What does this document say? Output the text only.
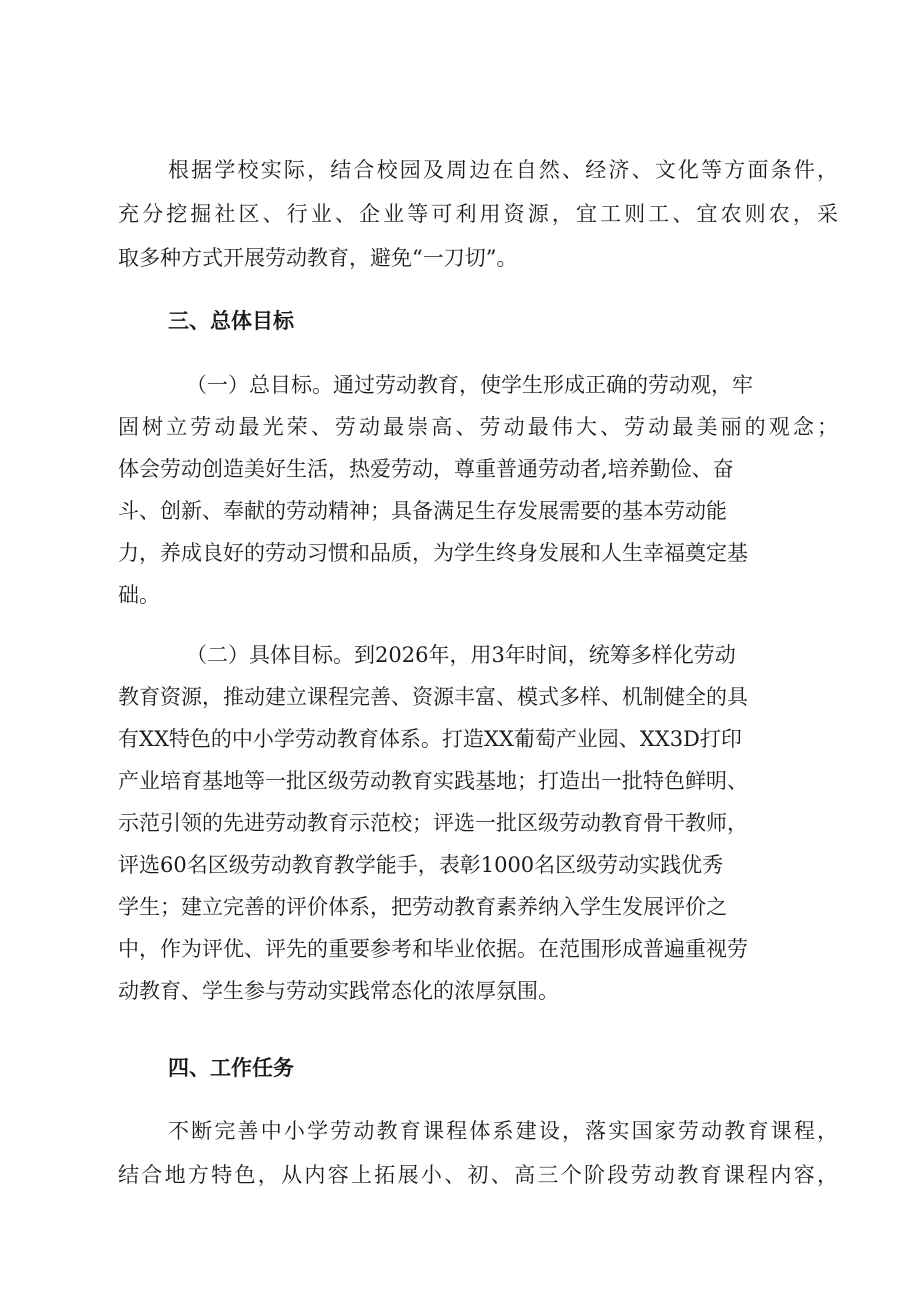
根据学校实际，结合校园及周边在自然、经济、文化等方面条件，
充分挖掘社区、行业、企业等可利用资源，宜工则工、宜农则农，采
取多种方式开展劳动教育，避免“一刀切”。
三、总体目标
（一）总目标。通过劳动教育，使学生形成正确的劳动观，牢
固树立劳动最光荣、劳动最崇高、劳动最伟大、劳动最美丽的观念；
体会劳动创造美好生活，热爱劳动，尊重普通劳动者,培养勤俭、奋
斗、创新、奉献的劳动精神；具备满足生存发展需要的基本劳动能
力，养成良好的劳动习惯和品质，为学生终身发展和人生幸福奠定基
础。
（二）具体目标。到2026年，用3年时间，统筹多样化劳动
教育资源，推动建立课程完善、资源丰富、模式多样、机制健全的具
有XX特色的中小学劳动教育体系。打造XX葡萄产业园、XX3D打印
产业培育基地等一批区级劳动教育实践基地；打造出一批特色鲜明、
示范引领的先进劳动教育示范校；评选一批区级劳动教育骨干教师，
评选60名区级劳动教育教学能手，表彰1000名区级劳动实践优秀
学生；建立完善的评价体系，把劳动教育素养纳入学生发展评价之
中，作为评优、评先的重要参考和毕业依据。在范围形成普遍重视劳
动教育、学生参与劳动实践常态化的浓厚氛围。
四、工作任务
不断完善中小学劳动教育课程体系建设，落实国家劳动教育课程，
结合地方特色，从内容上拓展小、初、高三个阶段劳动教育课程内容，
